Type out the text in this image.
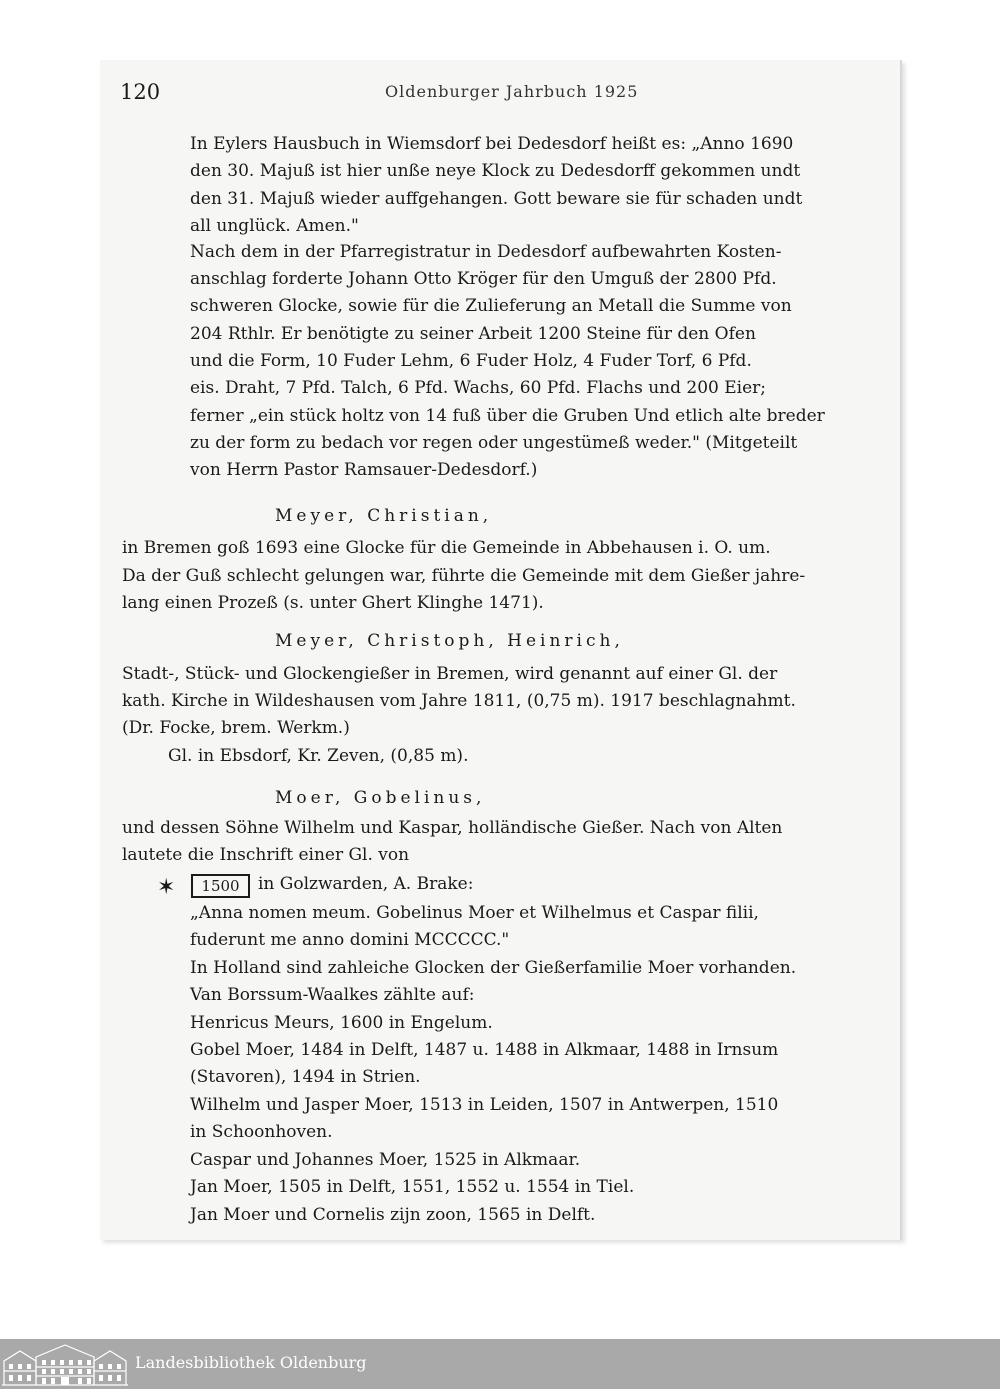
120	Oldenburger Jahrbuch 1925
In Eylers Hausbuch in Wiemsdorf bei Dedesdorf heißt es: „Anno 1690
den 30. Majuß ist hier unße neye Klock zu Dedesdorff gekommen undt
den 31. Majuß wieder auffgehangen. Gott beware sie für schaden undt
all unglück. Amen."
Nach dem in der Pfarregistratur in Dedesdorf aufbewahrten Kosten-
anschlag forderte Johann Otto Kröger für den Umguß der 2800 Pfd.
schweren Glocke, sowie für die Zulieferung an Metall die Summe von
204 Rthlr. Er benötigte zu seiner Arbeit 1200 Steine für den Ofen
und die Form, 10 Fuder Lehm, 6 Fuder Holz, 4 Fuder Torf, 6 Pfd.
eis. Draht, 7 Pfd. Talch, 6 Pfd. Wachs, 60 Pfd. Flachs und 200 Eier;
ferner „ein stück holtz von 14 fuß über die Gruben Und etlich alte breder
zu der form zu bedach vor regen oder ungestümeß weder." (Mitgeteilt
von Herrn Pastor Ramsauer-Dedesdorf.)
Meyer, Christian,
in Bremen goß 1693 eine Glocke für die Gemeinde in Abbehausen i. O. um.
Da der Guß schlecht gelungen war, führte die Gemeinde mit dem Gießer jahre-
lang einen Prozeß (s. unter Ghert Klinghe 1471).
Meyer, Christoph, Heinrich,
Stadt-, Stück- und Glockengießer in Bremen, wird genannt auf einer Gl. der
kath. Kirche in Wildeshausen vom Jahre 1811, (0,75 m). 1917 beschlagnahmt.
(Dr. Focke, brem. Werkm.)
Gl. in Ebsdorf, Kr. Zeven, (0,85 m).
Moer, Gobelinus,
und dessen Söhne Wilhelm und Kaspar, holländische Gießer. Nach von Alten
lautete die Inschrift einer Gl. von
✶	1500	in Golzwarden, A. Brake:
„Anna nomen meum. Gobelinus Moer et Wilhelmus et Caspar filii,
fuderunt me anno domini MCCCCC."
In Holland sind zahleiche Glocken der Gießerfamilie Moer vorhanden.
Van Borssum-Waalkes zählte auf:
Henricus Meurs, 1600 in Engelum.
Gobel Moer, 1484 in Delft, 1487 u. 1488 in Alkmaar, 1488 in Irnsum
(Stavoren), 1494 in Strien.
Wilhelm und Jasper Moer, 1513 in Leiden, 1507 in Antwerpen, 1510
in Schoonhoven.
Caspar und Johannes Moer, 1525 in Alkmaar.
Jan Moer, 1505 in Delft, 1551, 1552 u. 1554 in Tiel.
Jan Moer und Cornelis zijn zoon, 1565 in Delft.
Landesbibliothek Oldenburg
